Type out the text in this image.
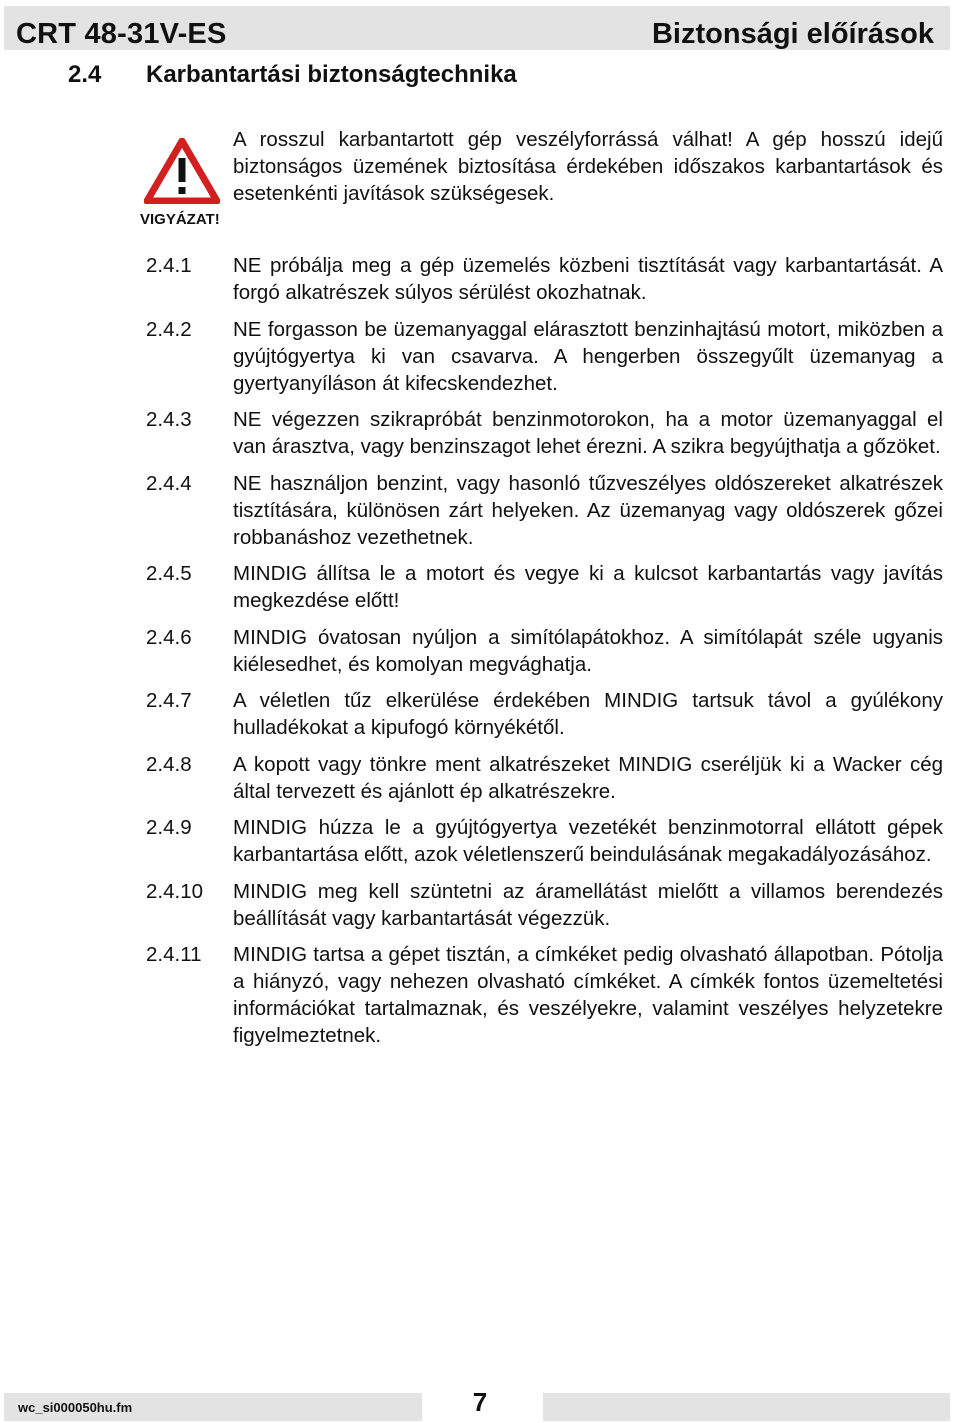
CRT 48-31V-ES	Biztonsági előírások
2.4 Karbantartási biztonságtechnika
VIGYÁZAT!
A rosszul karbantartott gép veszélyforrássá válhat! A gép hosszú idejű biztonságos üzemének biztosítása érdekében időszakos karbantartások és esetenkénti javítások szükségesek.
2.4.1	NE próbálja meg a gép üzemelés közbeni tisztítását vagy karbantartását. A forgó alkatrészek súlyos sérülést okozhatnak.
2.4.2	NE forgasson be üzemanyaggal elárasztott benzinhajtású motort, miközben a gyújtógyertya ki van csavarva. A hengerben összegyűlt üzemanyag a gyertyanyíláson át kifecskendezhet.
2.4.3	NE végezzen szikrapróbát benzinmotorokon, ha a motor üzemanyaggal el van árasztva, vagy benzinszagot lehet érezni. A szikra begyújthatja a gőzöket.
2.4.4	NE használjon benzint, vagy hasonló tűzveszélyes oldószereket alkatrészek tisztítására, különösen zárt helyeken. Az üzemanyag vagy oldószerek gőzei robbanáshoz vezethetnek.
2.4.5	MINDIG állítsa le a motort és vegye ki a kulcsot karbantartás vagy javítás megkezdése előtt!
2.4.6	MINDIG óvatosan nyúljon a simítólapátokhoz. A simítólapát széle ugyanis kiélesedhet, és komolyan megvághatja.
2.4.7	A véletlen tűz elkerülése érdekében MINDIG tartsuk távol a gyúlékony hulladékokat a kipufogó környékétől.
2.4.8	A kopott vagy tönkre ment alkatrészeket MINDIG cseréljük ki a Wacker cég által tervezett és ajánlott ép alkatrészekre.
2.4.9	MINDIG húzza le a gyújtógyertya vezetékét benzinmotorral ellátott gépek karbantartása előtt, azok véletlenszerű beindulásának megakadályozásához.
2.4.10	MINDIG meg kell szüntetni az áramellátást mielőtt a villamos berendezés beállítását vagy karbantartását végezzük.
2.4.11	MINDIG tartsa a gépet tisztán, a címkéket pedig olvasható állapotban. Pótolja a hiányzó, vagy nehezen olvasható címkéket. A címkék fontos üzemeltetési információkat tartalmaznak, és veszélyekre, valamint veszélyes helyzetekre figyelmeztetnek.
wc_si000050hu.fm	7
